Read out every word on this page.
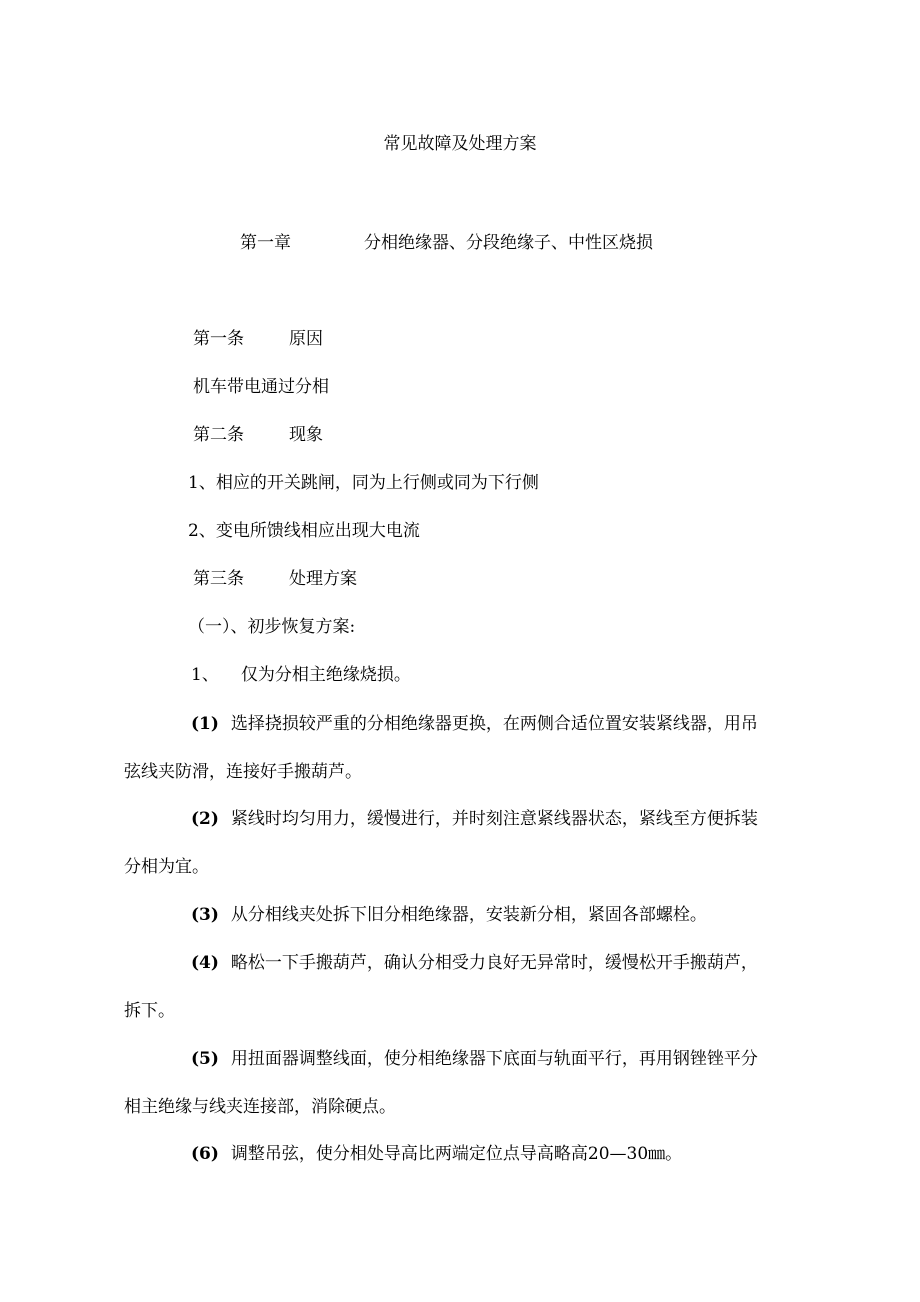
常见故障及处理方案
第一章	分相绝缘器、分段绝缘子、中性区烧损
第一条	原因
机车带电通过分相
第二条	现象
1、相应的开关跳闸，同为上行侧或同为下行侧
2、变电所馈线相应出现大电流
第三条	处理方案
（一）、初步恢复方案:
1、 仅为分相主绝缘烧损。
(1) 选择挠损较严重的分相绝缘器更换，在两侧合适位置安装紧线器，用吊
弦线夹防滑，连接好手搬葫芦。
(2) 紧线时均匀用力，缓慢进行，并时刻注意紧线器状态，紧线至方便拆装
分相为宜。
(3) 从分相线夹处拆下旧分相绝缘器，安装新分相，紧固各部螺栓。
(4) 略松一下手搬葫芦，确认分相受力良好无异常时，缓慢松开手搬葫芦，
拆下。
(5) 用扭面器调整线面，使分相绝缘器下底面与轨面平行，再用钢锉锉平分
相主绝缘与线夹连接部，消除硬点。
(6) 调整吊弦，使分相处导高比两端定位点导高略高20—30㎜。
